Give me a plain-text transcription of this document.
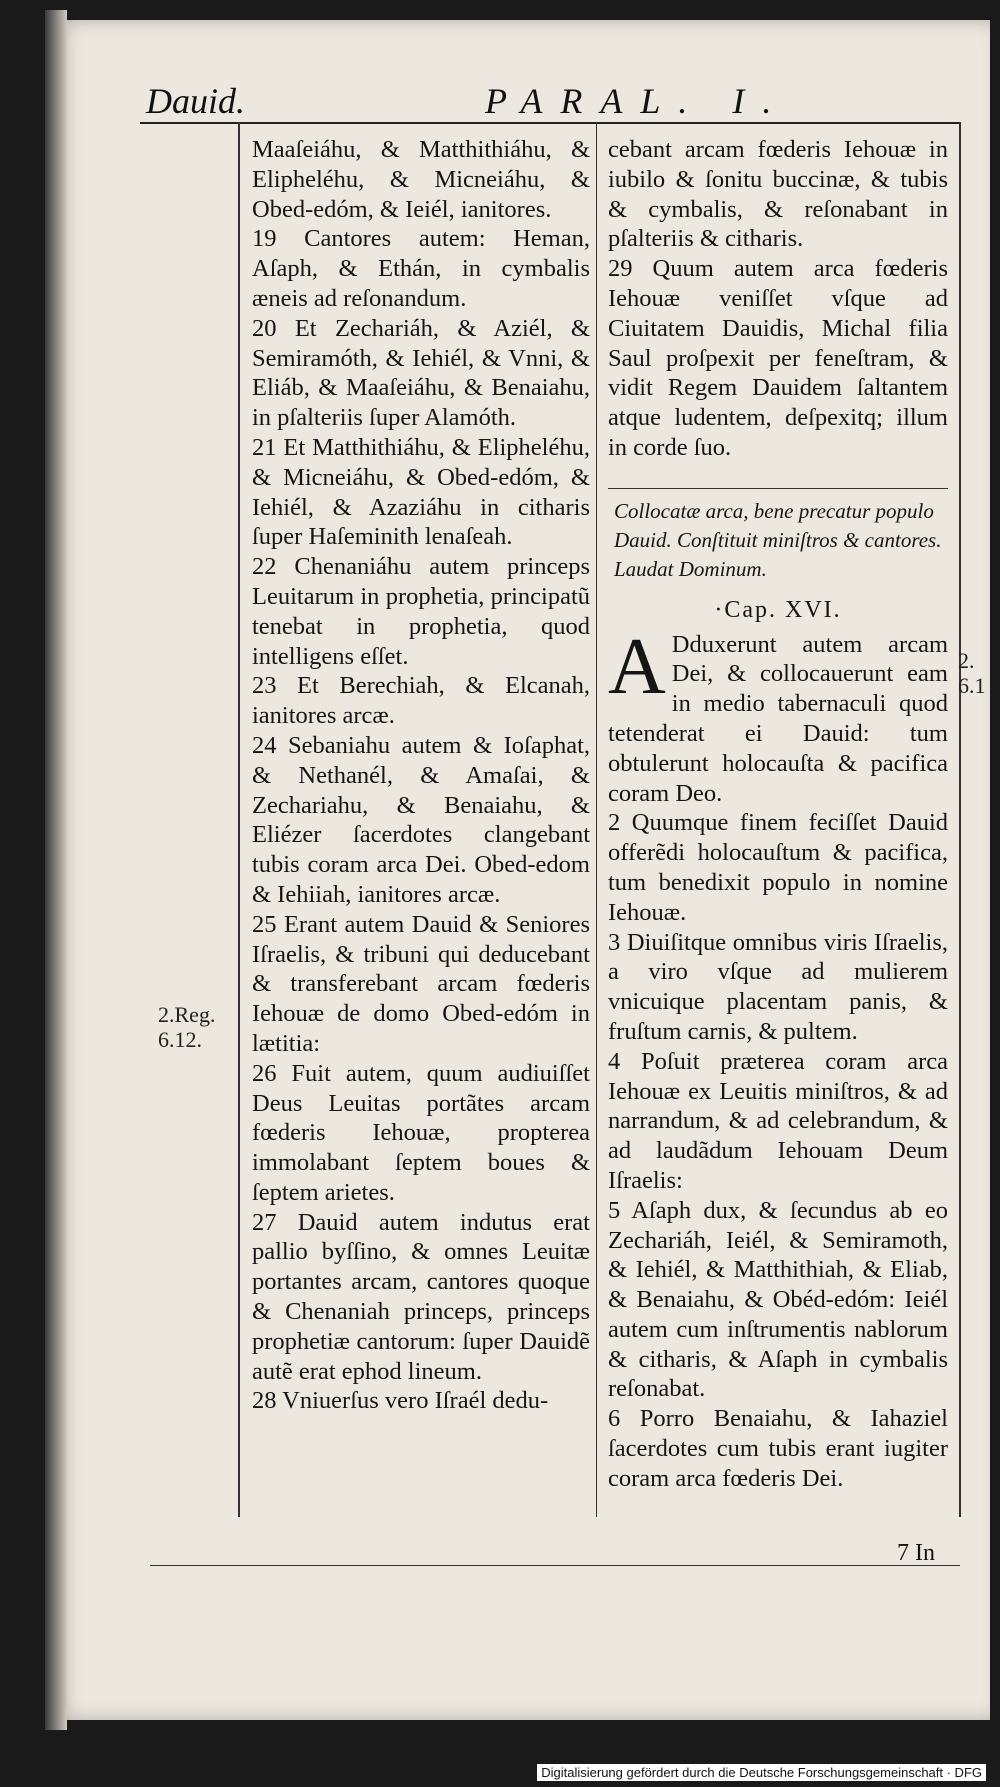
Dauid.	PARAL. I.

Maaſeiáhu, & Matthithiáhu, & Elipheléhu, & Micneiáhu, & Obed-edóm, & Ieiél, ianitores.

19 Cantores autem: Heman, Aſaph, & Ethán, in cymbalis æneis ad reſonandum.

20 Et Zechariáh, & Aziél, & Semiramóth, & Iehiél, & Vnni, & Eliáb, & Maaſeiáhu, & Benaiahu, in pſalteriis ſuper Alamóth.

21 Et Matthithiáhu, & Elipheléhu, & Micneiáhu, & Obed-edóm, & Iehiél, & Azaziáhu in citharis ſuper Haſeminith lenaſeah.

22 Chenaniáhu autem princeps Leuitarum in prophetia, principatũ tenebat in prophetia, quod intelligens eſſet.

23 Et Berechiah, & Elcanah, ianitores arcæ.

24 Sebaniahu autem & Ioſaphat, & Nethanél, & Amaſai, & Zechariahu, & Benaiahu, & Eliézer ſacerdotes clangebant tubis coram arca Dei. Obed-edom & Iehiiah, ianitores arcæ.

25 Erant autem Dauid & Seniores Iſraelis, & tribuni qui deducebant & transferebant arcam fœderis Iehouæ de domo Obed-edóm in lætitia:

26 Fuit autem, quum audiuiſſet Deus Leuitas portãtes arcam fœderis Iehouæ, propterea immolabant ſeptem boues & ſeptem arietes.

27 Dauid autem indutus erat pallio byſſino, & omnes Leuitæ portantes arcam, cantores quoque & Chenaniah princeps, princeps prophetiæ cantorum: ſuper Dauidẽ autẽ erat ephod lineum.

28 Vniuerſus vero Iſraél dedu-

cebant arcam fœderis Iehouæ in iubilo & ſonitu buccinæ, & tubis & cymbalis, & reſonabant in pſalteriis & citharis.

29 Quum autem arca fœderis Iehouæ veniſſet vſque ad Ciuitatem Dauidis, Michal filia Saul proſpexit per feneſtram, & vidit Regem Dauidem ſaltantem atque ludentem, deſpexitq; illum in corde ſuo.

Collocatæ arca, bene precatur populo Dauid. Conſtituit miniſtros & cantores. Laudat Dominum.
·Cap. XVI.

A Dduxerunt autem arcam Dei, & collocauerunt eam in medio tabernaculi quod tetenderat ei Dauid: tum obtulerunt holocauſta & pacifica coram Deo.

2 Quumque finem feciſſet Dauid offerẽdi holocauſtum & pacifica, tum benedixit populo in nomine Iehouæ.

3 Diuiſitque omnibus viris Iſraelis, a viro vſque ad mulierem vnicuique placentam panis, & fruſtum carnis, & pultem.

4 Poſuit præterea coram arca Iehouæ ex Leuitis miniſtros, & ad narrandum, & ad celebrandum, & ad laudãdum Iehouam Deum Iſraelis:

5 Aſaph dux, & ſecundus ab eo Zechariáh, Ieiél, & Semiramoth, & Iehiél, & Matthithiah, & Eliab, & Benaiahu, & Obéd-edóm: Ieiél autem cum inſtrumentis nablorum & citharis, & Aſaph in cymbalis reſonabat.

6 Porro Benaiahu, & Iahaziel ſacerdotes cum tubis erant iugiter coram arca fœderis Dei.

2.Reg. 6.12.
2. 6.1
7 In
Digitalisierung gefördert durch die Deutsche Forschungsgemeinschaft · DFG
